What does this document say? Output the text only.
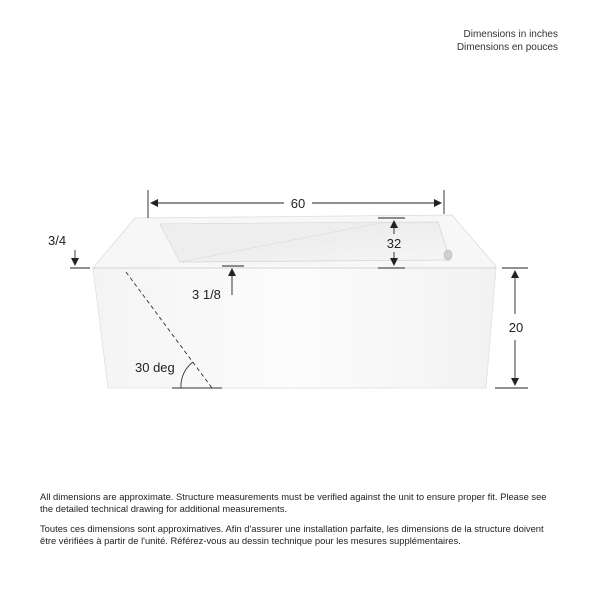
Dimensions in inches
Dimensions en pouces
60
32
3/4
3 1/8
20
30 deg

All dimensions are approximate. Structure measurements must be verified against the unit to ensure proper fit. Please see the detailed technical drawing for additional measurements.

Toutes ces dimensions sont approximatives. Afin d'assurer une installation parfaite, les dimensions de la structure doivent être vérifiées à partir de l'unité. Référez-vous au dessin technique pour les mesures supplémentaires.
